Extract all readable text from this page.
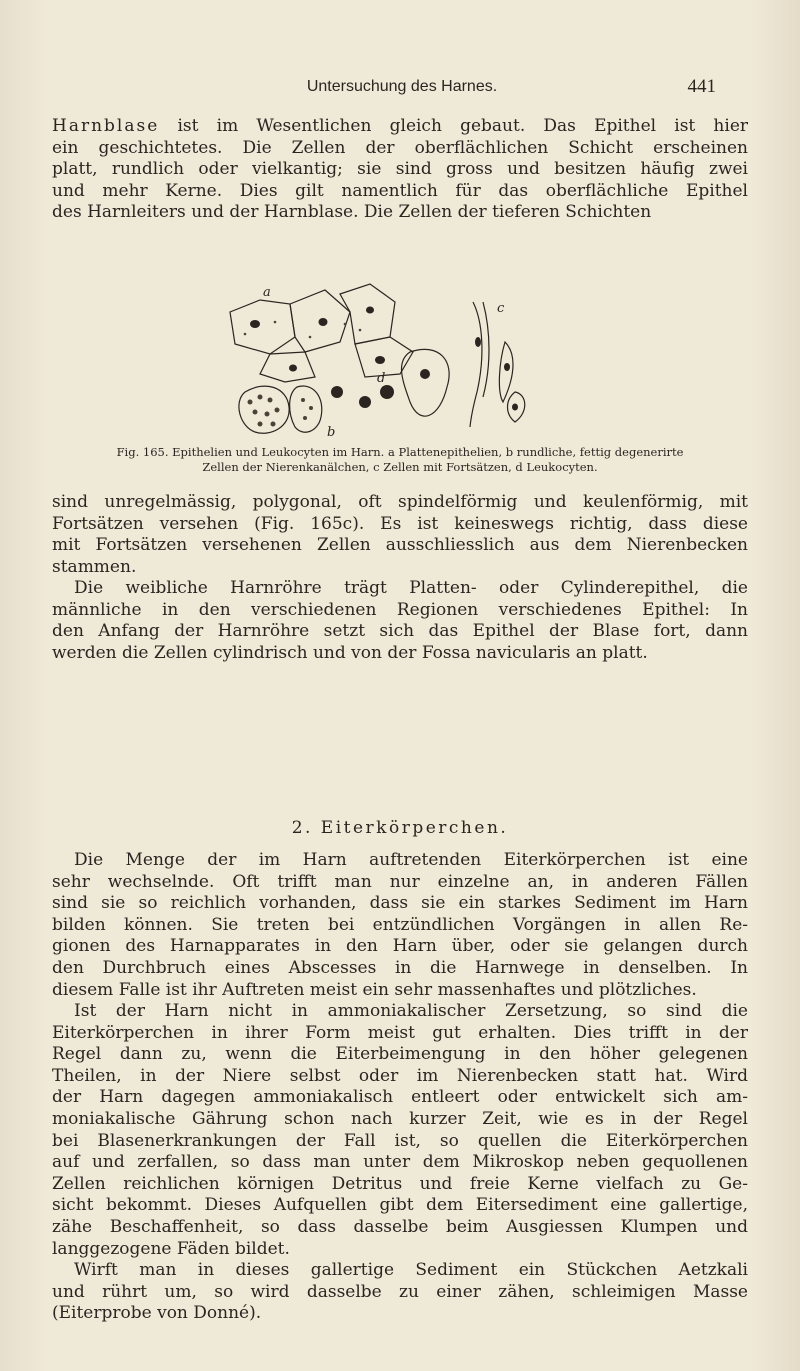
Untersuchung des Harnes.	441
Harnblase ist im Wesentlichen gleich gebaut. Das Epithel ist hier
ein geschichtetes. Die Zellen der oberflächlichen Schicht erscheinen
platt, rundlich oder vielkantig; sie sind gross und besitzen häufig zwei
und mehr Kerne. Dies gilt namentlich für das oberflächliche Epithel
des Harnleiters und der Harnblase. Die Zellen der tieferen Schichten
a
b
c
d
Fig. 165. Epithelien und Leukocyten im Harn. a Plattenepithelien, b rundliche, fettig degenerirte
Zellen der Nierenkanälchen, c Zellen mit Fortsätzen, d Leukocyten.
sind unregelmässig, polygonal, oft spindelförmig und keulenförmig, mit
Fortsätzen versehen (Fig. 165c). Es ist keineswegs richtig, dass diese
mit Fortsätzen versehenen Zellen ausschliesslich aus dem Nierenbecken
stammen.
Die weibliche Harnröhre trägt Platten- oder Cylinderepithel, die
männliche in den verschiedenen Regionen verschiedenes Epithel: In
den Anfang der Harnröhre setzt sich das Epithel der Blase fort, dann
werden die Zellen cylindrisch und von der Fossa navicularis an platt.
2. Eiterkörperchen.
Die Menge der im Harn auftretenden Eiterkörperchen ist eine
sehr wechselnde. Oft trifft man nur einzelne an, in anderen Fällen
sind sie so reichlich vorhanden, dass sie ein starkes Sediment im Harn
bilden können. Sie treten bei entzündlichen Vorgängen in allen Re-
gionen des Harnapparates in den Harn über, oder sie gelangen durch
den Durchbruch eines Abscesses in die Harnwege in denselben. In
diesem Falle ist ihr Auftreten meist ein sehr massenhaftes und plötzliches.
Ist der Harn nicht in ammoniakalischer Zersetzung, so sind die
Eiterkörperchen in ihrer Form meist gut erhalten. Dies trifft in der
Regel dann zu, wenn die Eiterbeimengung in den höher gelegenen
Theilen, in der Niere selbst oder im Nierenbecken statt hat. Wird
der Harn dagegen ammoniakalisch entleert oder entwickelt sich am-
moniakalische Gährung schon nach kurzer Zeit, wie es in der Regel
bei Blasenerkrankungen der Fall ist, so quellen die Eiterkörperchen
auf und zerfallen, so dass man unter dem Mikroskop neben gequollenen
Zellen reichlichen körnigen Detritus und freie Kerne vielfach zu Ge-
sicht bekommt. Dieses Aufquellen gibt dem Eitersediment eine gallertige,
zähe Beschaffenheit, so dass dasselbe beim Ausgiessen Klumpen und
langgezogene Fäden bildet.
Wirft man in dieses gallertige Sediment ein Stückchen Aetzkali
und rührt um, so wird dasselbe zu einer zähen, schleimigen Masse
(Eiterprobe von Donné).
